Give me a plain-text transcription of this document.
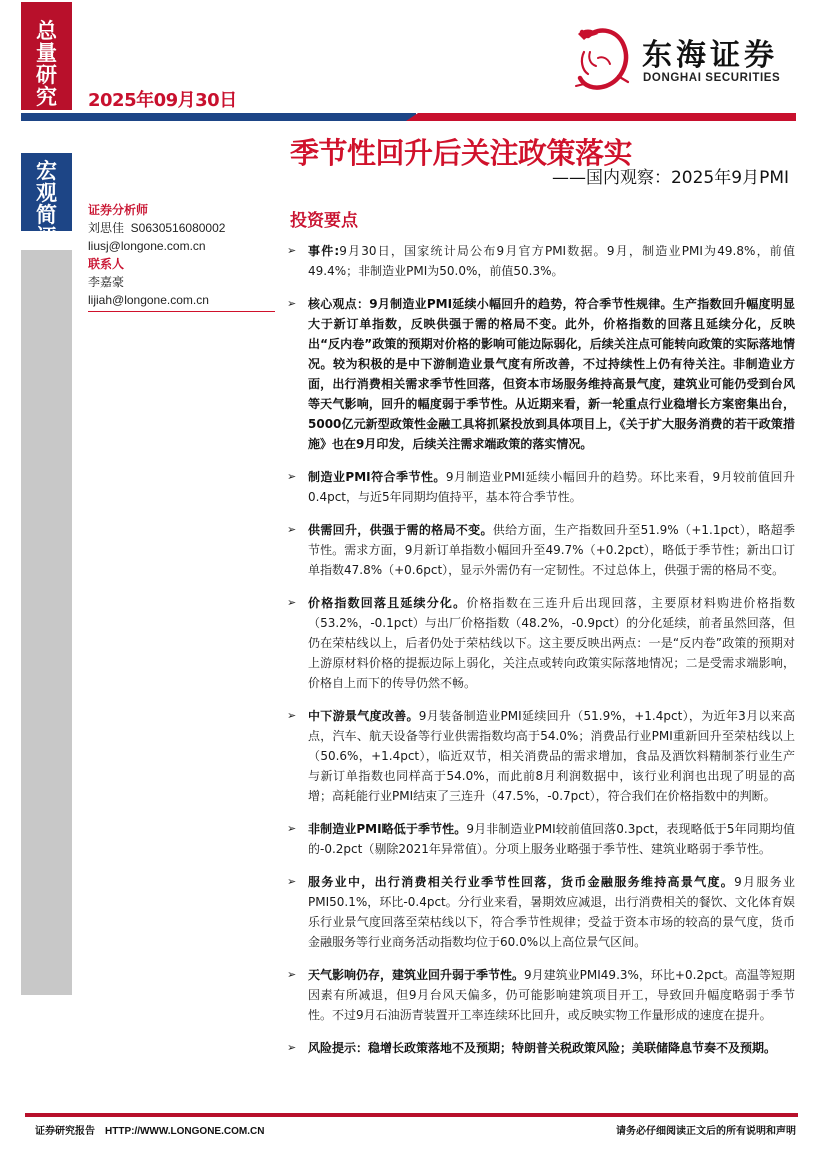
总
量
研
究
宏
观
简
评
2025年09月30日
东海证券
DONGHAI SECURITIES
季节性回升后关注政策落实
——国内观察：2025年9月PMI
投资要点
证券分析师
刘思佳  S0630516080002
liusj@longone.com.cn
联系人
李嘉豪
lijiah@longone.com.cn
➢ 事件:9月30日，国家统计局公布9月官方PMI数据。9月，制造业PMI为49.8%，前值49.4%；非制造业PMI为50.0%，前值50.3%。
➢ 核心观点：9月制造业PMI延续小幅回升的趋势，符合季节性规律。生产指数回升幅度明显大于新订单指数，反映供强于需的格局不变。此外，价格指数的回落且延续分化，反映出“反内卷”政策的预期对价格的影响可能边际弱化，后续关注点可能转向政策的实际落地情况。较为积极的是中下游制造业景气度有所改善，不过持续性上仍有待关注。非制造业方面，出行消费相关需求季节性回落，但资本市场服务维持高景气度，建筑业可能仍受到台风等天气影响，回升的幅度弱于季节性。从近期来看，新一轮重点行业稳增长方案密集出台，5000亿元新型政策性金融工具将抓紧投放到具体项目上，《关于扩大服务消费的若干政策措施》也在9月印发，后续关注需求端政策的落实情况。
➢ 制造业PMI符合季节性。9月制造业PMI延续小幅回升的趋势。环比来看，9月较前值回升0.4pct，与近5年同期均值持平，基本符合季节性。
➢ 供需回升，供强于需的格局不变。供给方面，生产指数回升至51.9%（+1.1pct），略超季节性。需求方面，9月新订单指数小幅回升至49.7%（+0.2pct），略低于季节性；新出口订单指数47.8%（+0.6pct），显示外需仍有一定韧性。不过总体上，供强于需的格局不变。
➢ 价格指数回落且延续分化。价格指数在三连升后出现回落，主要原材料购进价格指数（53.2%，-0.1pct）与出厂价格指数（48.2%，-0.9pct）的分化延续，前者虽然回落，但仍在荣枯线以上，后者仍处于荣枯线以下。这主要反映出两点：一是“反内卷”政策的预期对上游原材料价格的提振边际上弱化，关注点或转向政策实际落地情况；二是受需求端影响，价格自上而下的传导仍然不畅。
➢ 中下游景气度改善。9月装备制造业PMI延续回升（51.9%，+1.4pct），为近年3月以来高点，汽车、航天设备等行业供需指数均高于54.0%；消费品行业PMI重新回升至荣枯线以上（50.6%，+1.4pct），临近双节，相关消费品的需求增加，食品及酒饮料精制茶行业生产与新订单指数也同样高于54.0%，而此前8月利润数据中，该行业利润也出现了明显的高增；高耗能行业PMI结束了三连升（47.5%，-0.7pct），符合我们在价格指数中的判断。
➢ 非制造业PMI略低于季节性。9月非制造业PMI较前值回落0.3pct，表现略低于5年同期均值的-0.2pct（剔除2021年异常值）。分项上服务业略强于季节性、建筑业略弱于季节性。
➢ 服务业中，出行消费相关行业季节性回落，货币金融服务维持高景气度。9月服务业PMI50.1%，环比-0.4pct。分行业来看，暑期效应减退，出行消费相关的餐饮、文化体育娱乐行业景气度回落至荣枯线以下，符合季节性规律；受益于资本市场的较高的景气度，货币金融服务等行业商务活动指数均位于60.0%以上高位景气区间。
➢ 天气影响仍存，建筑业回升弱于季节性。9月建筑业PMI49.3%，环比+0.2pct。高温等短期因素有所减退，但9月台风天偏多，仍可能影响建筑项目开工，导致回升幅度略弱于季节性。不过9月石油沥青装置开工率连续环比回升，或反映实物工作量形成的速度在提升。
➢ 风险提示：稳增长政策落地不及预期；特朗普关税政策风险；美联储降息节奏不及预期。
证券研究报告 HTTP://WWW.LONGONE.COM.CN	请务必仔细阅读正文后的所有说明和声明
